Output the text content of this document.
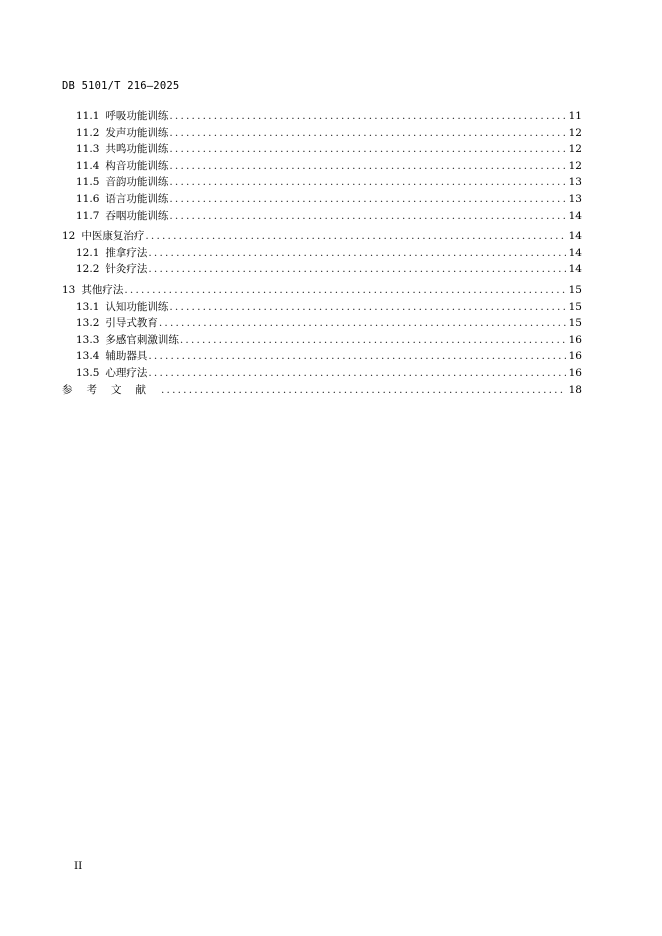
DB 5101/T 216—2025
11.1 呼吸功能训练 .....	11
11.2 发声功能训练 .....	12
11.3 共鸣功能训练 .....	12
11.4 构音功能训练 .....	12
11.5 音韵功能训练 .....	13
11.6 语言功能训练 .....	13
11.7 吞咽功能训练 .....	14
12 中医康复治疗 .....	14
12.1 推拿疗法 .....	14
12.2 针灸疗法 .....	14
13 其他疗法 .....	15
13.1 认知功能训练 .....	15
13.2 引导式教育 .....	15
13.3 多感官刺激训练 .....	16
13.4 辅助器具 .....	16
13.5 心理疗法 .....	16
参考文献 .....	18
II
